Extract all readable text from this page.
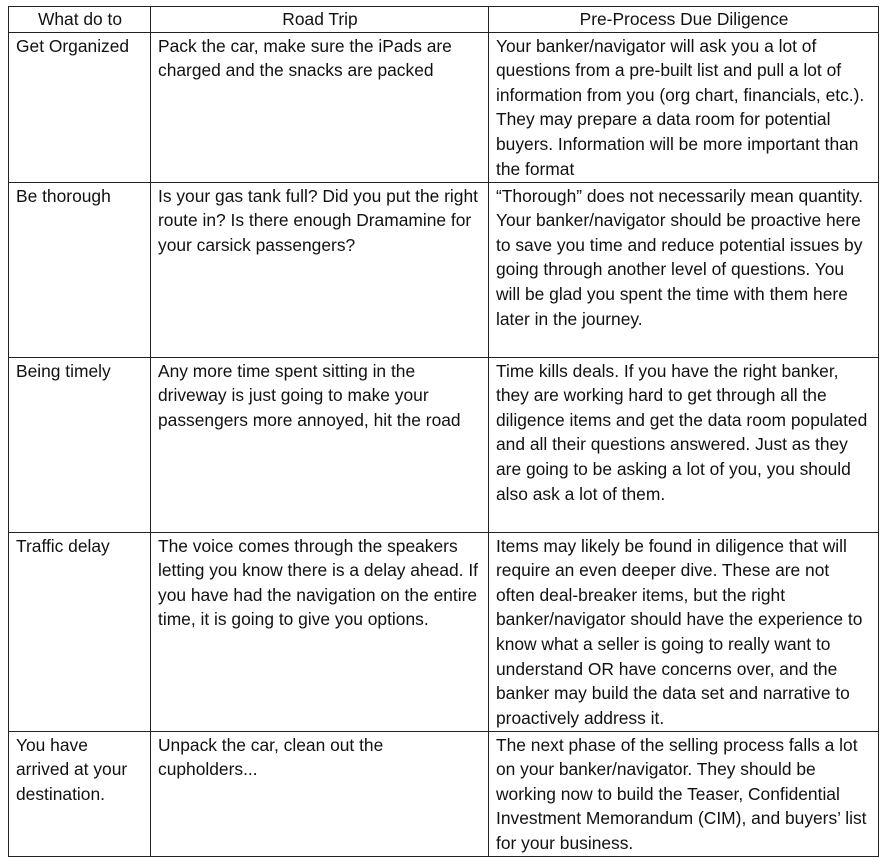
What do to	Road Trip	Pre-Process Due Diligence
Get Organized	Pack the car, make sure the iPads are charged and the snacks are packed	Your banker/navigator will ask you a lot of questions from a pre-built list and pull a lot of information from you (org chart, financials, etc.). They may prepare a data room for potential buyers. Information will be more important than the format
Be thorough	Is your gas tank full? Did you put the right route in? Is there enough Dramamine for your carsick passengers?	“Thorough” does not necessarily mean quantity. Your banker/navigator should be proactive here to save you time and reduce potential issues by going through another level of questions. You will be glad you spent the time with them here later in the journey.
Being timely	Any more time spent sitting in the driveway is just going to make your passengers more annoyed, hit the road	Time kills deals. If you have the right banker, they are working hard to get through all the diligence items and get the data room populated and all their questions answered. Just as they are going to be asking a lot of you, you should also ask a lot of them.
Traffic delay	The voice comes through the speakers letting you know there is a delay ahead. If you have had the navigation on the entire time, it is going to give you options.	Items may likely be found in diligence that will require an even deeper dive. These are not often deal-breaker items, but the right banker/navigator should have the experience to know what a seller is going to really want to understand OR have concerns over, and the banker may build the data set and narrative to proactively address it.
You have arrived at your destination.	Unpack the car, clean out the cupholders...	The next phase of the selling process falls a lot on your banker/navigator. They should be working now to build the Teaser, Confidential Investment Memorandum (CIM), and buyers’ list for your business.
